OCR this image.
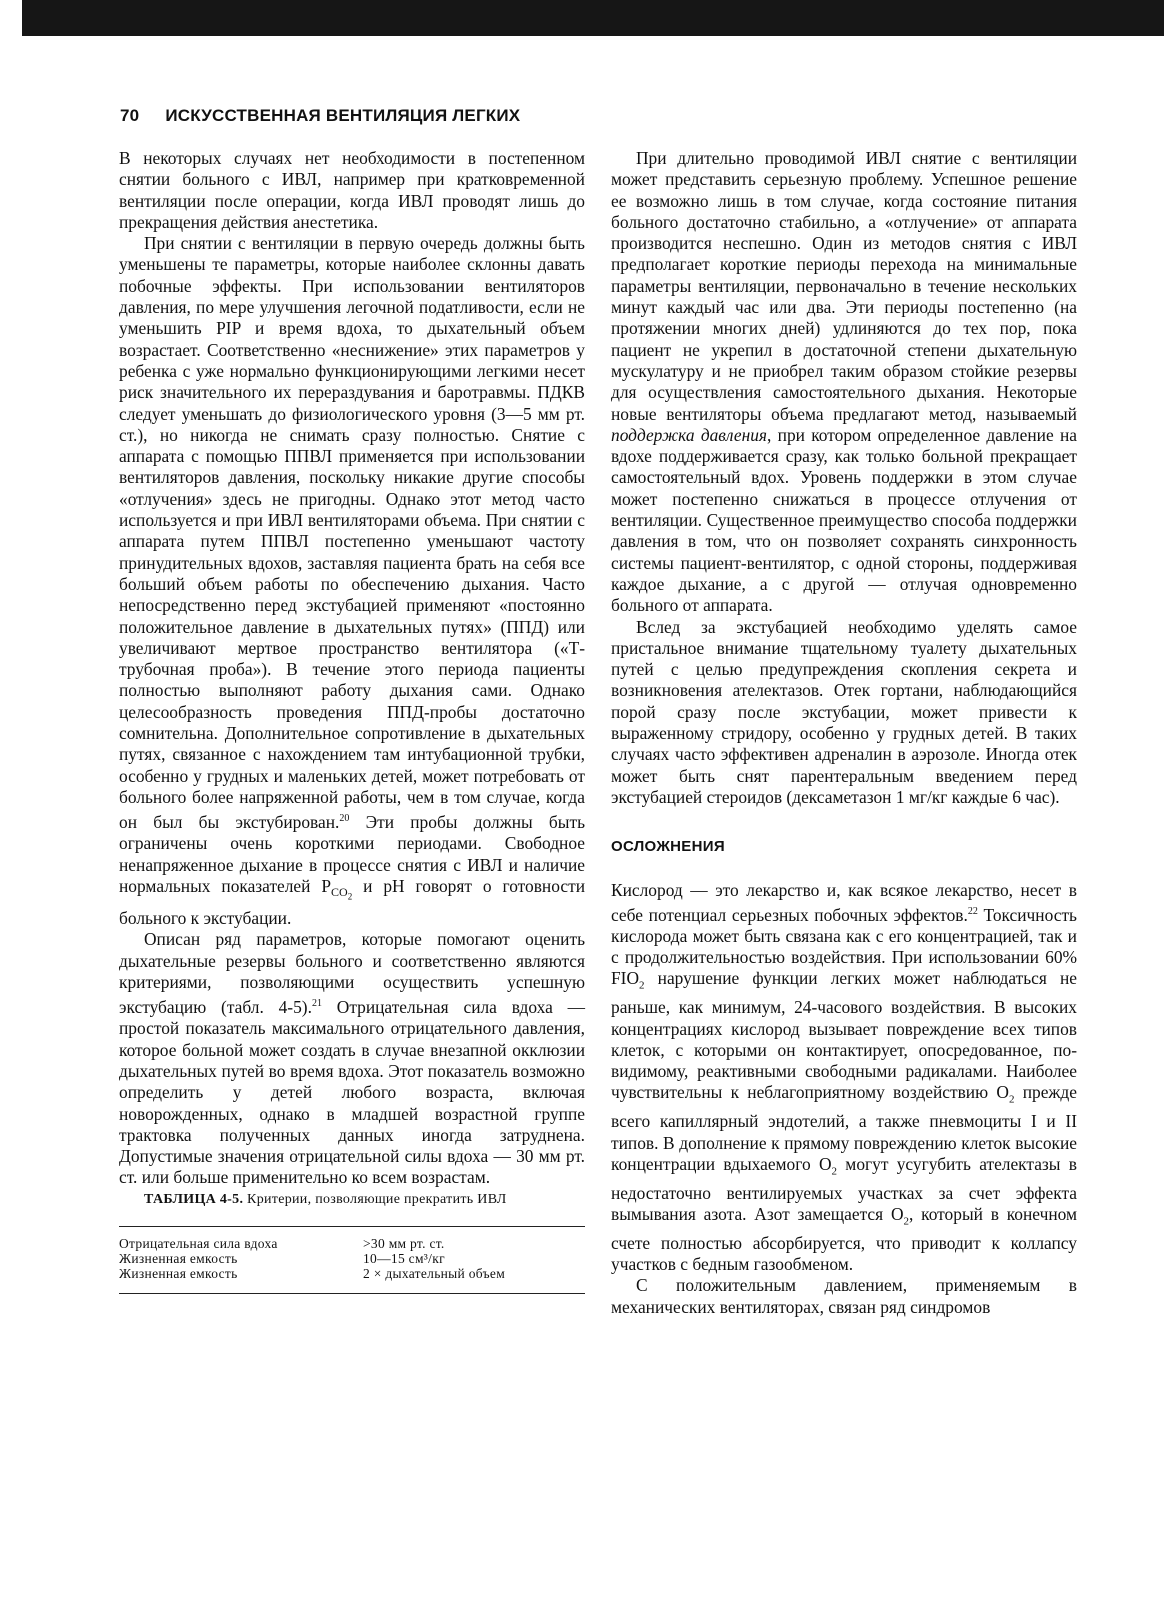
70 ИСКУССТВЕННАЯ ВЕНТИЛЯЦИЯ ЛЕГКИХ

В некоторых случаях нет необходимости в постепенном снятии больного с ИВЛ, например при кратковременной вентиляции после операции, когда ИВЛ проводят лишь до прекращения действия анестетика.

При снятии с вентиляции в первую очередь должны быть уменьшены те параметры, которые наиболее склонны давать побочные эффекты. При использовании вентиляторов давления, по мере улучшения легочной податливости, если не уменьшить PIP и время вдоха, то дыхательный объем возрастает. Соответственно «неснижение» этих параметров у ребенка с уже нормально функционирующими легкими несет риск значительного их перераздувания и баротравмы. ПДКВ следует уменьшать до физиологического уровня (3—5 мм рт. ст.), но никогда не снимать сразу полностью. Снятие с аппарата с помощью ППВЛ применяется при использовании вентиляторов давления, поскольку никакие другие способы «отлучения» здесь не пригодны. Однако этот метод часто используется и при ИВЛ вентиляторами объема. При снятии с аппарата путем ППВЛ постепенно уменьшают частоту принудительных вдохов, заставляя пациента брать на себя все больший объем работы по обеспечению дыхания. Часто непосредственно перед экстубацией применяют «постоянно положительное давление в дыхательных путях» (ППД) или увеличивают мертвое пространство вентилятора («Т-трубочная проба»). В течение этого периода пациенты полностью выполняют работу дыхания сами. Однако целесообразность проведения ППД-пробы достаточно сомнительна. Дополнительное сопротивление в дыхательных путях, связанное с нахождением там интубационной трубки, особенно у грудных и маленьких детей, может потребовать от больного более напряженной работы, чем в том случае, когда он был бы экстубирован.$^{20}$ Эти пробы должны быть ограничены очень короткими периодами. Свободное ненапряженное дыхание в процессе снятия с ИВЛ и наличие нормальных показателей $P_{CO_2}$ и pH говорят о готовности больного к экстубации.

Описан ряд параметров, которые помогают оценить дыхательные резервы больного и соответственно являются критериями, позволяющими осуществить успешную экстубацию (табл. 4-5).$^{21}$ Отрицательная сила вдоха — простой показатель максимального отрицательного давления, которое больной может создать в случае внезапной окклюзии дыхательных путей во время вдоха. Этот показатель возможно определить у детей любого возраста, включая новорожденных, однако в младшей возрастной группе трактовка полученных данных иногда затруднена. Допустимые значения отрицательной силы вдоха — 30 мм рт. ст. или больше применительно ко всем возрастам.

ТАБЛИЦА 4-5. Критерии, позволяющие прекратить ИВЛ

Отрицательная сила вдоха	>30 мм рт. ст.
Жизненная емкость	10—15 см³/кг
Жизненная емкость	2 × дыхательный объем

При длительно проводимой ИВЛ снятие с вентиляции может представить серьезную проблему. Успешное решение ее возможно лишь в том случае, когда состояние питания больного достаточно стабильно, а «отлучение» от аппарата производится неспешно. Один из методов снятия с ИВЛ предполагает короткие периоды перехода на минимальные параметры вентиляции, первоначально в течение нескольких минут каждый час или два. Эти периоды постепенно (на протяжении многих дней) удлиняются до тех пор, пока пациент не укрепил в достаточной степени дыхательную мускулатуру и не приобрел таким образом стойкие резервы для осуществления самостоятельного дыхания. Некоторые новые вентиляторы объема предлагают метод, называемый поддержка давления, при котором определенное давление на вдохе поддерживается сразу, как только больной прекращает самостоятельный вдох. Уровень поддержки в этом случае может постепенно снижаться в процессе отлучения от вентиляции. Существенное преимущество способа поддержки давления в том, что он позволяет сохранять синхронность системы пациент-вентилятор, с одной стороны, поддерживая каждое дыхание, а с другой — отлучая одновременно больного от аппарата.

Вслед за экстубацией необходимо уделять самое пристальное внимание тщательному туалету дыхательных путей с целью предупреждения скопления секрета и возникновения ателектазов. Отек гортани, наблюдающийся порой сразу после экстубации, может привести к выраженному стридору, особенно у грудных детей. В таких случаях часто эффективен адреналин в аэрозоле. Иногда отек может быть снят парентеральным введением перед экстубацией стероидов (дексаметазон 1 мг/кг каждые 6 час).

ОСЛОЖНЕНИЯ

Кислород — это лекарство и, как всякое лекарство, несет в себе потенциал серьезных побочных эффектов.$^{22}$ Токсичность кислорода может быть связана как с его концентрацией, так и с продолжительностью воздействия. При использовании 60% $FIO_2$ нарушение функции легких может наблюдаться не раньше, как минимум, 24-часового воздействия. В высоких концентрациях кислород вызывает повреждение всех типов клеток, с которыми он контактирует, опосредованное, по-видимому, реактивными свободными радикалами. Наиболее чувствительны к неблагоприятному воздействию $O_2$ прежде всего капиллярный эндотелий, а также пневмоциты I и II типов. В дополнение к прямому повреждению клеток высокие концентрации вдыхаемого $O_2$ могут усугубить ателектазы в недостаточно вентилируемых участках за счет эффекта вымывания азота. Азот замещается $O_2$, который в конечном счете полностью абсорбируется, что приводит к коллапсу участков с бедным газообменом.

С положительным давлением, применяемым в механических вентиляторах, связан ряд синдромов
